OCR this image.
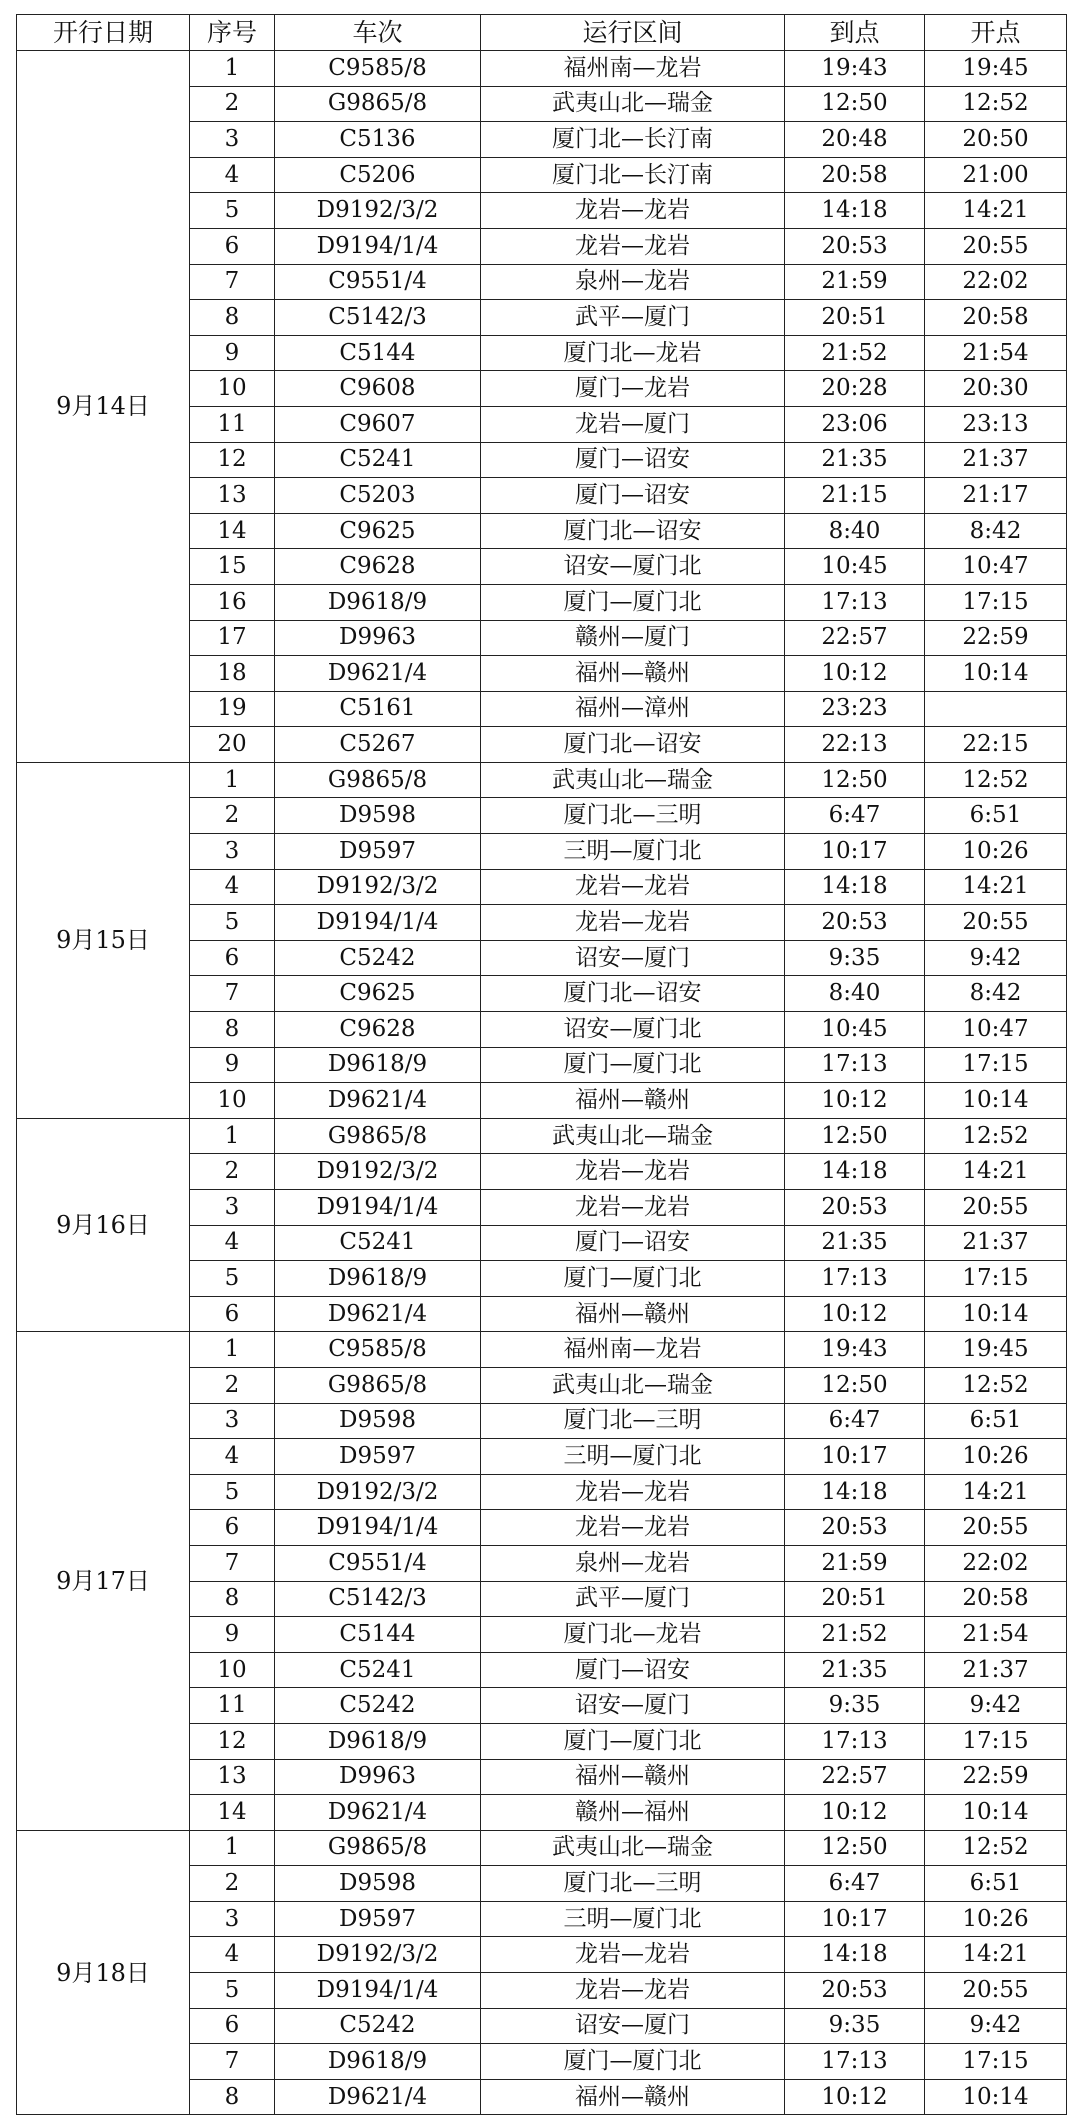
开行日期	序号	车次	运行区间	到点	开点
9月14日	1	C9585/8	福州南—龙岩	19:43	19:45
	2	G9865/8	武夷山北—瑞金	12:50	12:52
	3	C5136	厦门北—长汀南	20:48	20:50
	4	C5206	厦门北—长汀南	20:58	21:00
	5	D9192/3/2	龙岩—龙岩	14:18	14:21
	6	D9194/1/4	龙岩—龙岩	20:53	20:55
	7	C9551/4	泉州—龙岩	21:59	22:02
	8	C5142/3	武平—厦门	20:51	20:58
	9	C5144	厦门北—龙岩	21:52	21:54
	10	C9608	厦门—龙岩	20:28	20:30
	11	C9607	龙岩—厦门	23:06	23:13
	12	C5241	厦门—诏安	21:35	21:37
	13	C5203	厦门—诏安	21:15	21:17
	14	C9625	厦门北—诏安	8:40	8:42
	15	C9628	诏安—厦门北	10:45	10:47
	16	D9618/9	厦门—厦门北	17:13	17:15
	17	D9963	赣州—厦门	22:57	22:59
	18	D9621/4	福州—赣州	10:12	10:14
	19	C5161	福州—漳州	23:23	
	20	C5267	厦门北—诏安	22:13	22:15
9月15日	1	G9865/8	武夷山北—瑞金	12:50	12:52
	2	D9598	厦门北—三明	6:47	6:51
	3	D9597	三明—厦门北	10:17	10:26
	4	D9192/3/2	龙岩—龙岩	14:18	14:21
	5	D9194/1/4	龙岩—龙岩	20:53	20:55
	6	C5242	诏安—厦门	9:35	9:42
	7	C9625	厦门北—诏安	8:40	8:42
	8	C9628	诏安—厦门北	10:45	10:47
	9	D9618/9	厦门—厦门北	17:13	17:15
	10	D9621/4	福州—赣州	10:12	10:14
9月16日	1	G9865/8	武夷山北—瑞金	12:50	12:52
	2	D9192/3/2	龙岩—龙岩	14:18	14:21
	3	D9194/1/4	龙岩—龙岩	20:53	20:55
	4	C5241	厦门—诏安	21:35	21:37
	5	D9618/9	厦门—厦门北	17:13	17:15
	6	D9621/4	福州—赣州	10:12	10:14
9月17日	1	C9585/8	福州南—龙岩	19:43	19:45
	2	G9865/8	武夷山北—瑞金	12:50	12:52
	3	D9598	厦门北—三明	6:47	6:51
	4	D9597	三明—厦门北	10:17	10:26
	5	D9192/3/2	龙岩—龙岩	14:18	14:21
	6	D9194/1/4	龙岩—龙岩	20:53	20:55
	7	C9551/4	泉州—龙岩	21:59	22:02
	8	C5142/3	武平—厦门	20:51	20:58
	9	C5144	厦门北—龙岩	21:52	21:54
	10	C5241	厦门—诏安	21:35	21:37
	11	C5242	诏安—厦门	9:35	9:42
	12	D9618/9	厦门—厦门北	17:13	17:15
	13	D9963	福州—赣州	22:57	22:59
	14	D9621/4	赣州—福州	10:12	10:14
9月18日	1	G9865/8	武夷山北—瑞金	12:50	12:52
	2	D9598	厦门北—三明	6:47	6:51
	3	D9597	三明—厦门北	10:17	10:26
	4	D9192/3/2	龙岩—龙岩	14:18	14:21
	5	D9194/1/4	龙岩—龙岩	20:53	20:55
	6	C5242	诏安—厦门	9:35	9:42
	7	D9618/9	厦门—厦门北	17:13	17:15
	8	D9621/4	福州—赣州	10:12	10:14
